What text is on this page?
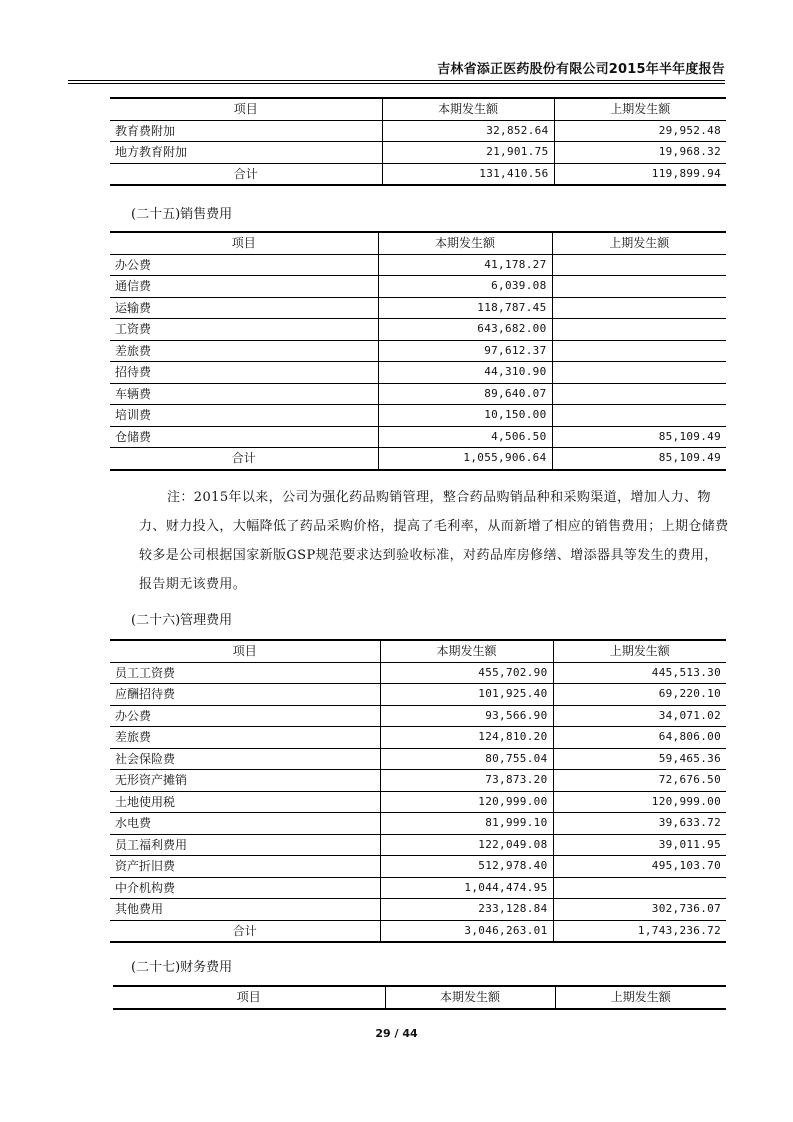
吉林省添正医药股份有限公司2015年半年度报告
项目	本期发生额	上期发生额
教育费附加	32,852.64	29,952.48
地方教育附加	21,901.75	19,968.32
合计	131,410.56	119,899.94
(二十五)销售费用
项目	本期发生额	上期发生额
办公费	41,178.27	
通信费	6,039.08	
运输费	118,787.45	
工资费	643,682.00	
差旅费	97,612.37	
招待费	44,310.90	
车辆费	89,640.07	
培训费	10,150.00	
仓储费	4,506.50	85,109.49
合计	1,055,906.64	85,109.49
注：2015年以来，公司为强化药品购销管理，整合药品购销品种和采购渠道，增加人力、物力、财力投入，大幅降低了药品采购价格，提高了毛利率，从而新增了相应的销售费用；上期仓储费较多是公司根据国家新版GSP规范要求达到验收标准，对药品库房修缮、增添器具等发生的费用，报告期无该费用。
(二十六)管理费用
项目	本期发生额	上期发生额
员工工资费	455,702.90	445,513.30
应酬招待费	101,925.40	69,220.10
办公费	93,566.90	34,071.02
差旅费	124,810.20	64,806.00
社会保险费	80,755.04	59,465.36
无形资产摊销	73,873.20	72,676.50
土地使用税	120,999.00	120,999.00
水电费	81,999.10	39,633.72
员工福利费用	122,049.08	39,011.95
资产折旧费	512,978.40	495,103.70
中介机构费	1,044,474.95	
其他费用	233,128.84	302,736.07
合计	3,046,263.01	1,743,236.72
(二十七)财务费用
项目	本期发生额	上期发生额
29 / 44
